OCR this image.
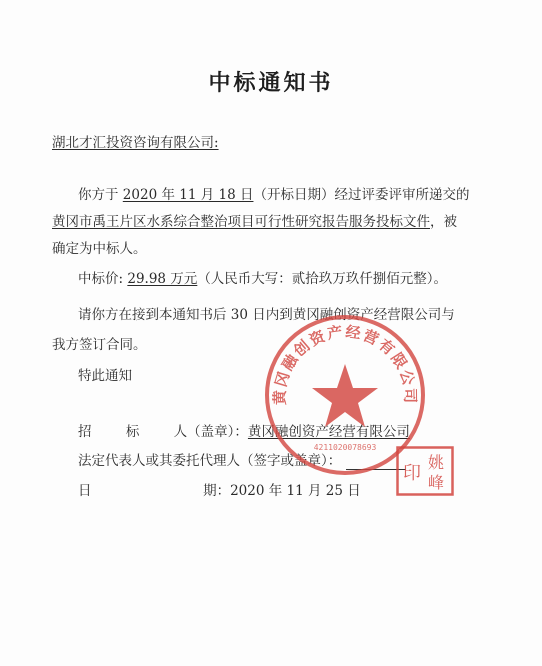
中标通知书
湖北才汇投资咨询有限公司:
你方于 2020 年 11 月 18 日（开标日期）经过评委评审所递交的
黄冈市禹王片区水系综合整治项目可行性研究报告服务投标文件，被
确定为中标人。
中标价: 29.98 万元（人民币大写：贰拾玖万玖仟捌佰元整）。
请你方在接到本通知书后 30 日内到黄冈融创资产经营限公司与
我方签订合同。
特此通知
招        标        人（盖章）：黄冈融创资产经营有限公司
法定代表人或其委托代理人（签字或盖章）：
日                          期：2020 年 11 月 25 日
黄冈融创资产经营有限公司
4211020078693
姚
峰
印
